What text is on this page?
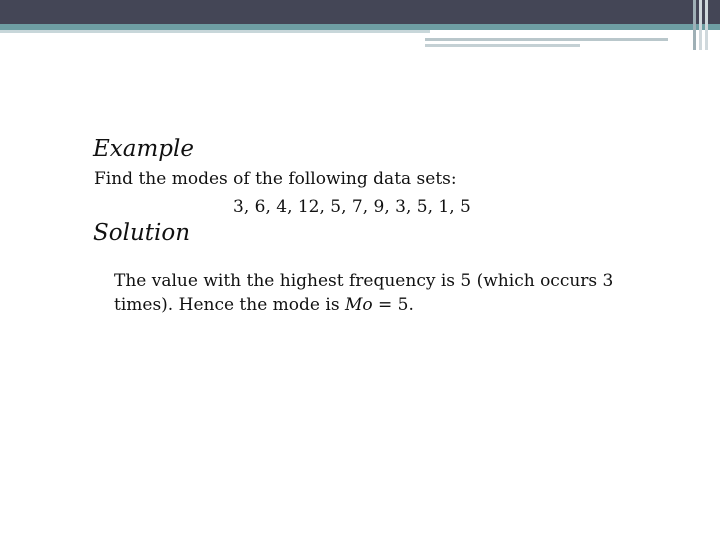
Example
Find the modes of the following data sets:
3, 6, 4, 12, 5, 7, 9, 3, 5, 1, 5
Solution
The value with the highest frequency is 5 (which occurs 3
times). Hence the mode is Mo = 5.
